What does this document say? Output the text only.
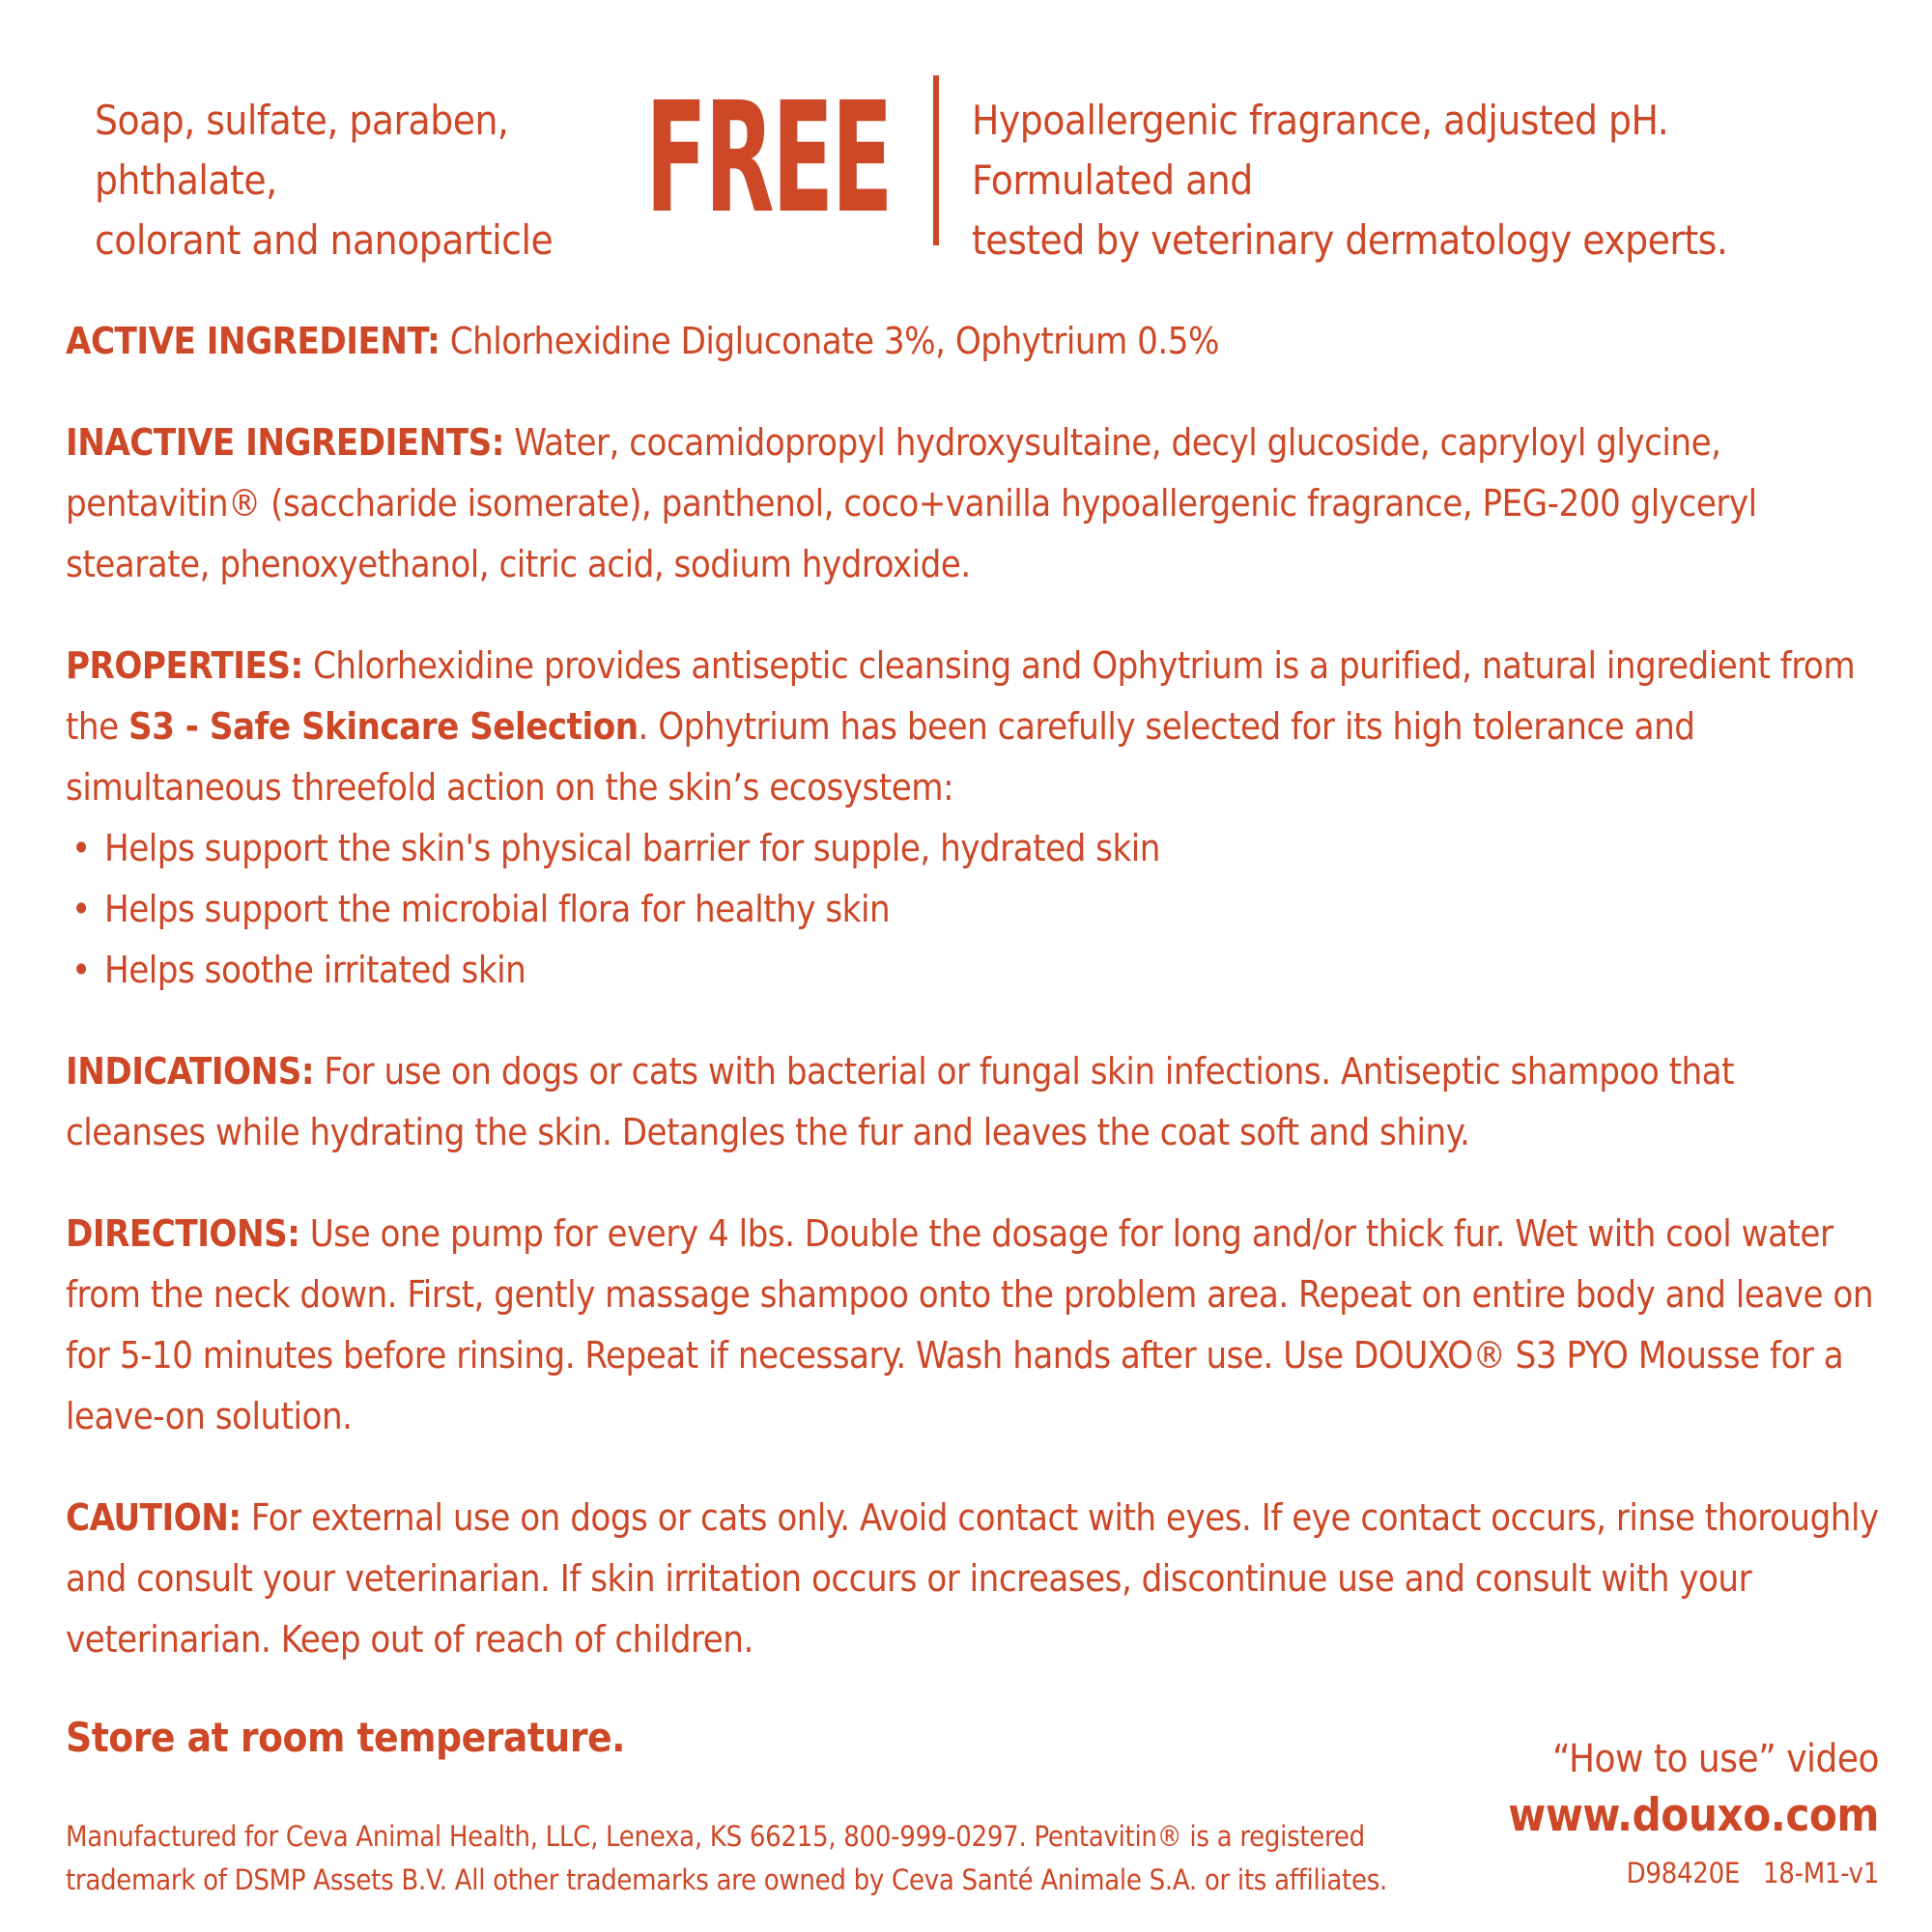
Soap, sulfate, paraben, phthalate,
colorant and nanoparticle FREE	Hypoallergenic fragrance, adjusted pH. Formulated and
tested by veterinary dermatology experts.

ACTIVE INGREDIENT: Chlorhexidine Digluconate 3%, Ophytrium 0.5%

INACTIVE INGREDIENTS: Water, cocamidopropyl hydroxysultaine, decyl glucoside, capryloyl glycine, pentavitin® (saccharide isomerate), panthenol, coco+vanilla hypoallergenic fragrance, PEG-200 glyceryl stearate, phenoxyethanol, citric acid, sodium hydroxide.

PROPERTIES: Chlorhexidine provides antiseptic cleansing and Ophytrium is a purified, natural ingredient from the S3 - Safe Skincare Selection. Ophytrium has been carefully selected for its high tolerance and simultaneous threefold action on the skin’s ecosystem:

• Helps support the skin's physical barrier for supple, hydrated skin
• Helps support the microbial flora for healthy skin
• Helps soothe irritated skin

INDICATIONS: For use on dogs or cats with bacterial or fungal skin infections. Antiseptic shampoo that cleanses while hydrating the skin. Detangles the fur and leaves the coat soft and shiny.

DIRECTIONS: Use one pump for every 4 lbs. Double the dosage for long and/or thick fur. Wet with cool water from the neck down. First, gently massage shampoo onto the problem area. Repeat on entire body and leave on for 5-10 minutes before rinsing. Repeat if necessary. Wash hands after use. Use DOUXO® S3 PYO Mousse for a leave-on solution.

CAUTION: For external use on dogs or cats only. Avoid contact with eyes. If eye contact occurs, rinse thoroughly and consult your veterinarian. If skin irritation occurs or increases, discontinue use and consult with your veterinarian. Keep out of reach of children.

Store at room temperature.

Manufactured for Ceva Animal Health, LLC, Lenexa, KS 66215, 800-999-0297. Pentavitin® is a registered
trademark of DSMP Assets B.V. All other trademarks are owned by Ceva Santé Animale S.A. or its affiliates.
“How to use” video
www.douxo.com
D98420E   18-M1-v1
